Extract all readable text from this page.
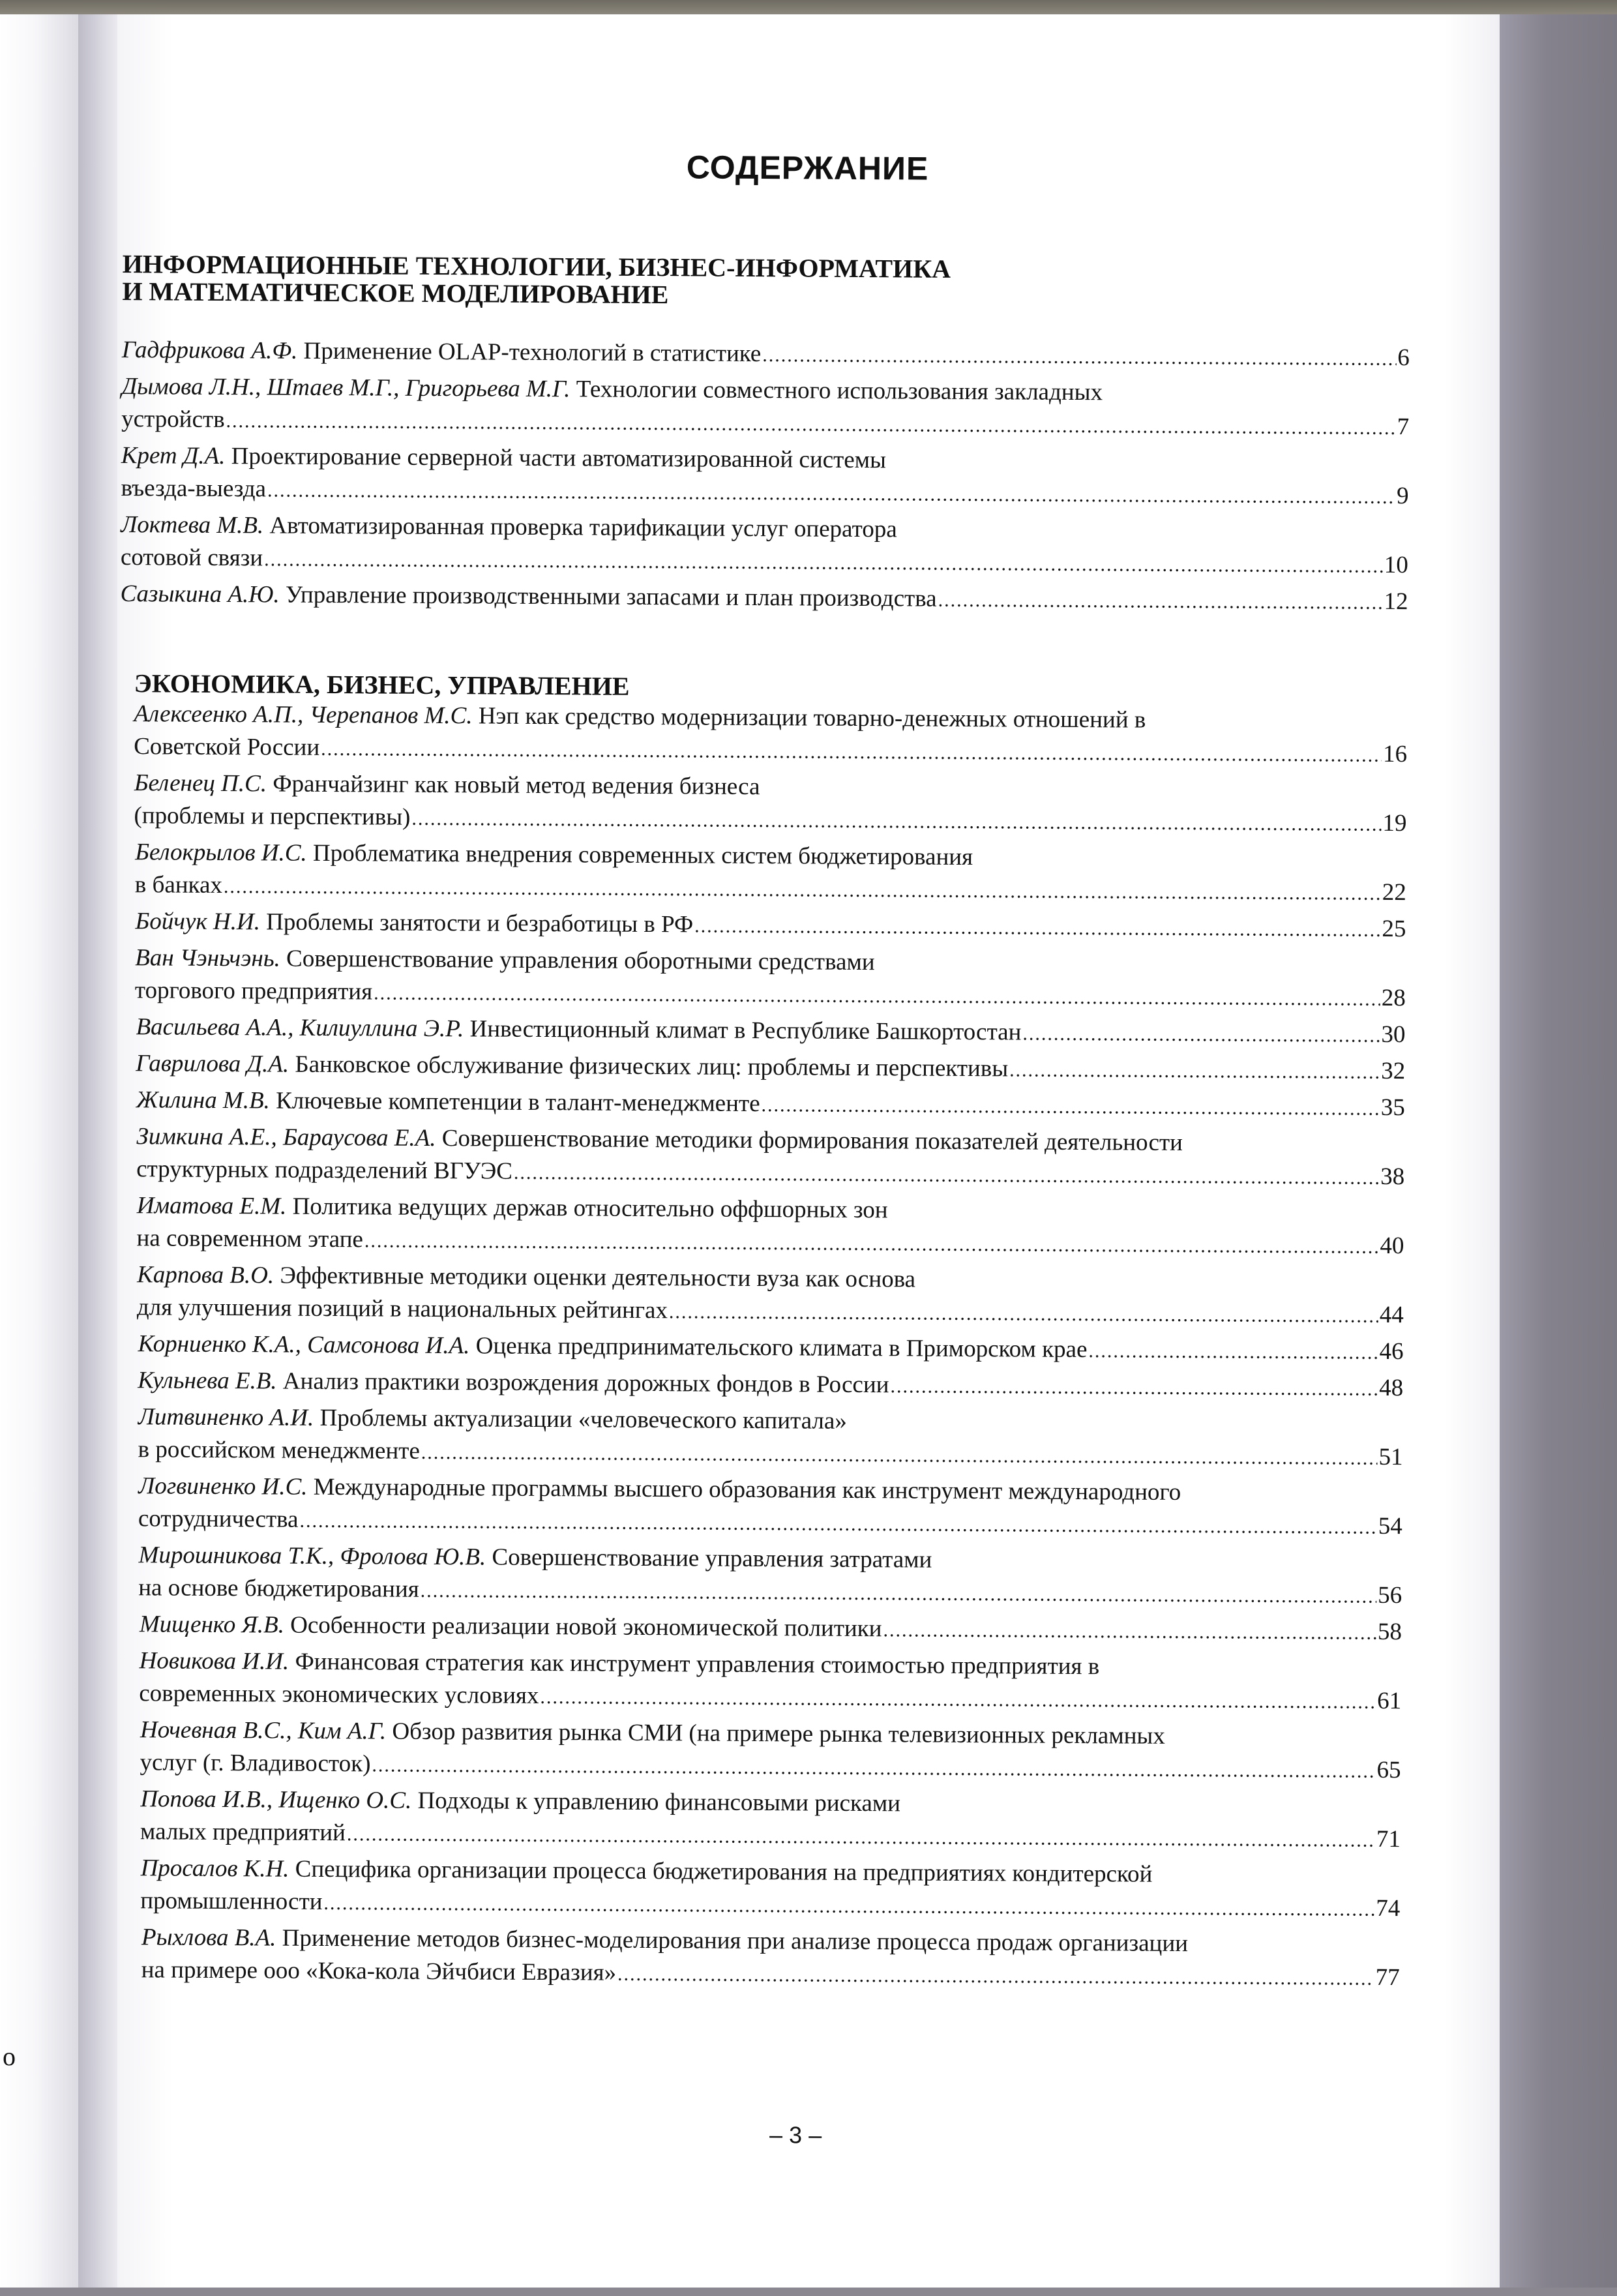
о
СОДЕРЖАНИЕ
ИНФОРМАЦИОННЫЕ ТЕХНОЛОГИИ, БИЗНЕС-ИНФОРМАТИКА
И МАТЕМАТИЧЕСКОЕ МОДЕЛИРОВАНИЕ
Гадфрикова А.Ф.
Применение OLAP-технологий в статистике .....	6
Дымова Л.Н., Штаев М.Г., Григорьева М.Г.
Технологии совместного использования закладных
устройств .....	7
Крет Д.А.
Проектирование серверной части автоматизированной системы
въезда-выезда .....	9
Локтева М.В.
Автоматизированная проверка тарификации услуг оператора
сотовой связи .....	10
Сазыкина А.Ю.
Управление производственными запасами и план производства .....	12
ЭКОНОМИКА, БИЗНЕС, УПРАВЛЕНИЕ
Алексеенко А.П., Черепанов М.С.
Нэп как средство модернизации товарно-денежных отношений в
Советской России .....	16
Беленец П.С.
Франчайзинг как новый метод ведения бизнеса
(проблемы и перспективы) .....	19
Белокрылов И.С.
Проблематика внедрения современных систем бюджетирования
в банках .....	22
Бойчук Н.И.
Проблемы занятости и безработицы в РФ .....	25
Ван Чэньчэнь.
Совершенствование управления оборотными средствами
торгового предприятия .....	28
Васильева А.А., Килиуллина Э.Р.
Инвестиционный климат в Республике Башкортостан .....	30
Гаврилова Д.А.
Банковское обслуживание физических лиц: проблемы и перспективы .....	32
Жилина М.В.
Ключевые компетенции в талант-менеджменте .....	35
Зимкина А.Е., Бараусова Е.А.
Совершенствование методики формирования показателей деятельности
структурных подразделений ВГУЭС .....	38
Иматова Е.М.
Политика ведущих держав относительно оффшорных зон
на современном этапе .....	40
Карпова В.О.
Эффективные методики оценки деятельности вуза как основа
для улучшения позиций в национальных рейтингах .....	44
Корниенко К.А., Самсонова И.А.
Оценка предпринимательского климата в Приморском крае .....	46
Кульнева Е.В.
Анализ практики возрождения дорожных фондов в России .....	48
Литвиненко А.И.
Проблемы актуализации «человеческого капитала»
в российском менеджменте .....	51
Логвиненко И.С.
Международные программы высшего образования как инструмент международного
сотрудничества .....	54
Мирошникова Т.К., Фролова Ю.В.
Совершенствование управления затратами
на основе бюджетирования .....	56
Мищенко Я.В.
Особенности реализации новой экономической политики .....	58
Новикова И.И.
Финансовая стратегия как инструмент управления стоимостью предприятия в
современных экономических условиях .....	61
Ночевная В.С., Ким А.Г.
Обзор развития рынка СМИ (на примере рынка телевизионных рекламных
услуг (г. Владивосток) .....	65
Попова И.В., Ищенко О.С.
Подходы к управлению финансовыми рисками
малых предприятий .....	71
Просалов К.Н.
Специфика организации процесса бюджетирования на предприятиях кондитерской
промышленности .....	74
Рыхлова В.А.
Применение методов бизнес-моделирования при анализе процесса продаж организации
на примере ооо «Кока-кола Эйчбиси Евразия» .....	77
– 3 –
